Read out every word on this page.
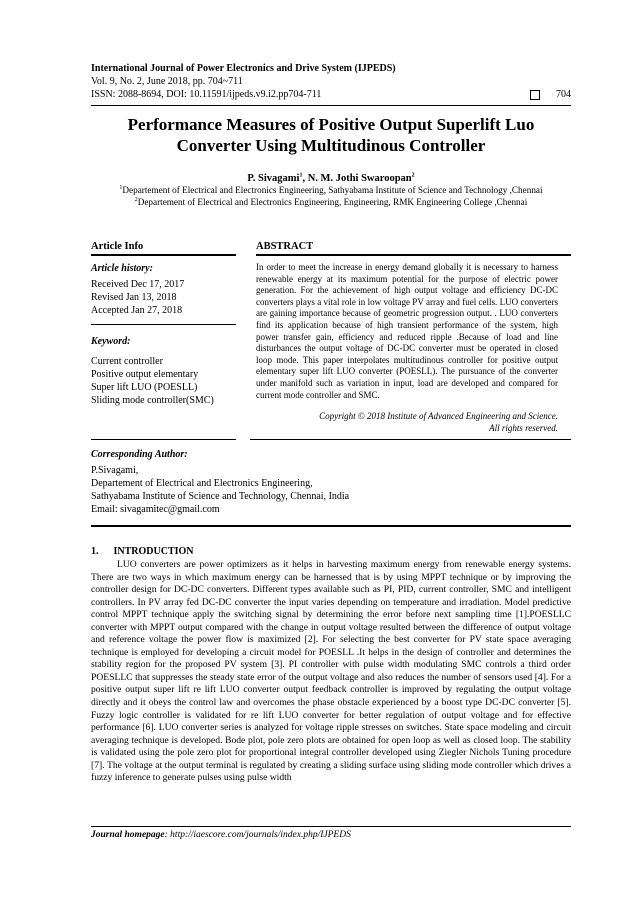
International Journal of Power Electronics and Drive System (IJPEDS)
Vol. 9, No. 2, June 2018, pp. 704~711
ISSN: 2088-8694, DOI: 10.11591/ijpeds.v9.i2.pp704-711	704
Performance Measures of Positive Output Superlift Luo
Converter Using Multitudinous Controller
P. Sivagami$^1$, N. M. Jothi Swaroopan$^2$
$^1$Departement of Electrical and Electronics Engineering, Sathyabama Institute of Science and Technology ,Chennai
$^2$Departement of Electrical and Electronics Engineering, Engineering, RMK Engineering College ,Chennai
Article Info	ABSTRACT
Article history:
Received Dec 17, 2017
Revised Jan 13, 2018
Accepted Jan 27, 2018
Keyword:
Current controller
Positive output elementary
Super lift LUO (POESLL)
Sliding mode controller(SMC)
In order to meet the increase in energy demand globally it is necessary to harness renewable energy at its maximum potential for the purpose of electric power generation. For the achievement of high output voltage and efficiency DC-DC converters plays a vital role in low voltage PV array and fuel cells. LUO converters are gaining importance because of geometric progression output. . LUO converters find its application because of high transient performance of the system, high power transfer gain, efficiency and reduced ripple .Because of load and line disturbances the output voltage of DC-DC converter must be operated in closed loop mode. This paper interpolates multitudinous controller for positive output elementary super lift LUO converter (POESLL). The pursuance of the converter under manifold such as variation in input, load are developed and compared for current mode controller and SMC.
Copyright © 2018 Institute of Advanced Engineering and Science.
All rights reserved.
Corresponding Author:
P.Sivagami,
Departement of Electrical and Electronics Engineering,
Sathyabama Institute of Science and Technology, Chennai, India
Email: sivagamitec@gmail.com
1.      INTRODUCTION
LUO converters are power optimizers as it helps in harvesting maximum energy from renewable energy systems. There are two ways in which maximum energy can be harnessed that is by using MPPT technique or by improving the controller design for DC-DC converters. Different types available such as PI, PID, current controller, SMC and intelligent controllers. In PV array fed DC-DC converter the input varies depending on temperature and irradiation. Model predictive control MPPT technique apply the switching signal by determining the error before next sampling time [1].POESLLC converter with MPPT output compared with the change in output voltage resulted between the difference of output voltage and reference voltage the power flow is maximized [2]. For selecting the best converter for PV state space averaging technique is employed for developing a circuit model for POESLL .It helps in the design of controller and determines the stability region for the proposed PV system [3]. PI controller with pulse width modulating SMC controls a third order POESLLC that suppresses the steady state error of the output voltage and also reduces the number of sensors used [4]. For a positive output super lift re lift LUO converter output feedback controller is improved by regulating the output voltage directly and it obeys the control law and overcomes the phase obstacle experienced by a boost type DC-DC converter [5]. Fuzzy logic controller is validated for re lift LUO converter for better regulation of output voltage and for effective performance [6]. LUO converter series is analyzed for voltage ripple stresses on switches. State space modeling and circuit averaging technique is developed. Bode plot, pole zero plots are obtained for open loop as well as closed loop. The stability is validated using the pole zero plot for proportional integral controller developed using Ziegler Nichols Tuning procedure [7]. The voltage at the output terminal is regulated by creating a sliding surface using sliding mode controller which drives a fuzzy inference to generate pulses using pulse width
Journal homepage: http://iaescore.com/journals/index.php/IJPEDS
